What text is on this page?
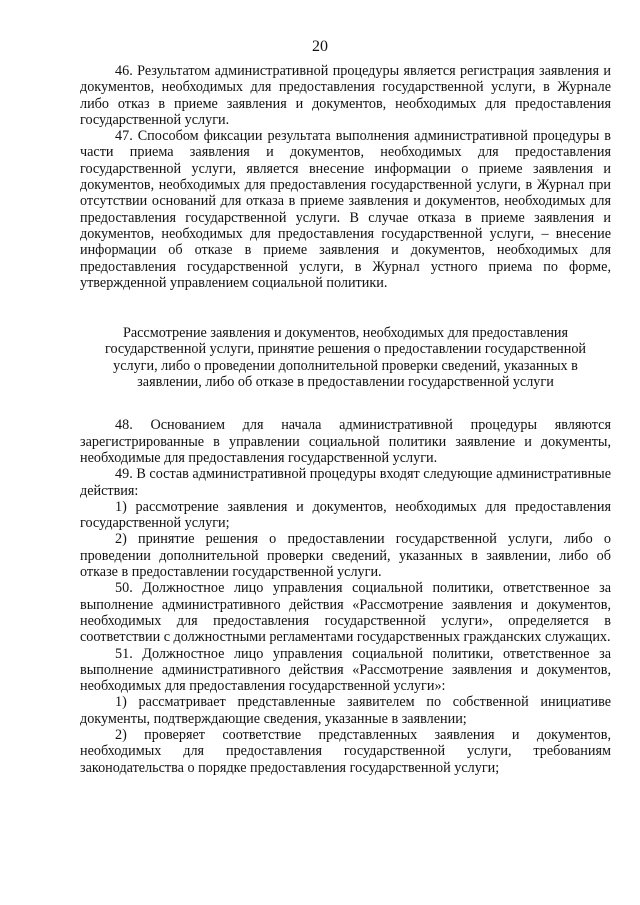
20

46. Результатом административной процедуры является регистрация заявления и документов, необходимых для предоставления государственной услуги, в Журнале либо отказ в приеме заявления и документов, необходимых для предоставления государственной услуги.

47. Способом фиксации результата выполнения административной процедуры в части приема заявления и документов, необходимых для предоставления государственной услуги, является внесение информации о приеме заявления и документов, необходимых для предоставления государственной услуги, в Журнал при отсутствии оснований для отказа в приеме заявления и документов, необходимых для предоставления государственной услуги. В случае отказа в приеме заявления и документов, необходимых для предоставления государственной услуги, – внесение информации об отказе в приеме заявления и документов, необходимых для предоставления государственной услуги, в Журнал устного приема по форме, утвержденной управлением социальной политики.

Рассмотрение заявления и документов, необходимых для предоставления государственной услуги, принятие решения о предоставлении государственной услуги, либо о проведении дополнительной проверки сведений, указанных в заявлении, либо об отказе в предоставлении государственной услуги

48. Основанием для начала административной процедуры являются зарегистрированные в управлении социальной политики заявление и документы, необходимые для предоставления государственной услуги.

49. В состав административной процедуры входят следующие административные действия:

1) рассмотрение заявления и документов, необходимых для предоставления государственной услуги;

2) принятие решения о предоставлении государственной услуги, либо о проведении дополнительной проверки сведений, указанных в заявлении, либо об отказе в предоставлении государственной услуги.

50. Должностное лицо управления социальной политики, ответственное за выполнение административного действия «Рассмотрение заявления и документов, необходимых для предоставления государственной услуги», определяется в соответствии с должностными регламентами государственных гражданских служащих.

51. Должностное лицо управления социальной политики, ответственное за выполнение административного действия «Рассмотрение заявления и документов, необходимых для предоставления государственной услуги»:

1) рассматривает представленные заявителем по собственной инициативе документы, подтверждающие сведения, указанные в заявлении;

2) проверяет соответствие представленных заявления и документов, необходимых для предоставления государственной услуги, требованиям законодательства о порядке предоставления государственной услуги;
